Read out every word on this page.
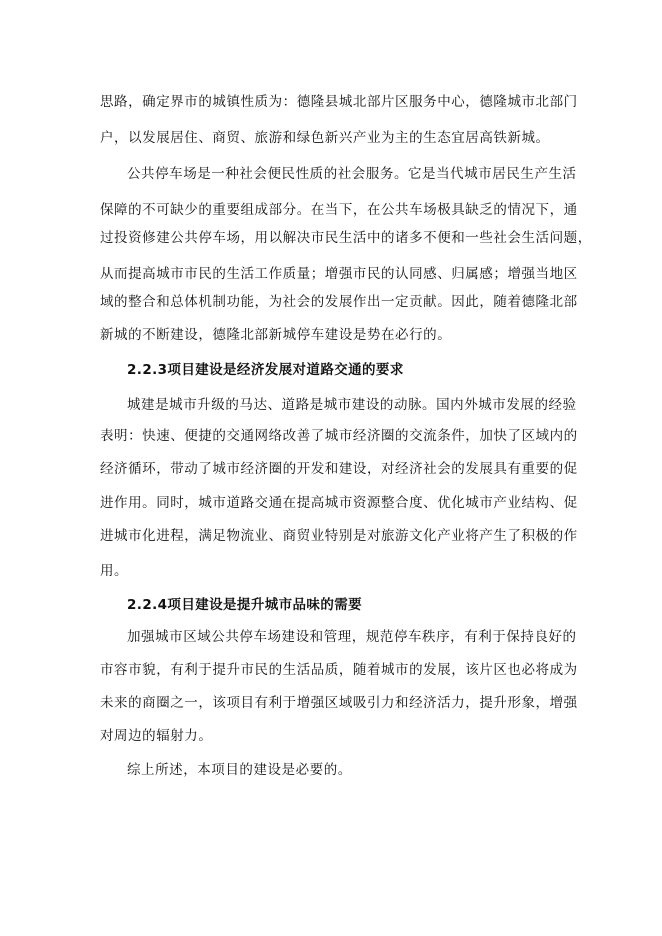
思路，确定界市的城镇性质为：德隆县城北部片区服务中心，德隆城市北部门
户，以发展居住、商贸、旅游和绿色新兴产业为主的生态宜居高铁新城。
公共停车场是一种社会便民性质的社会服务。它是当代城市居民生产生活
保障的不可缺少的重要组成部分。在当下，在公共车场极具缺乏的情况下，通
过投资修建公共停车场，用以解决市民生活中的诸多不便和一些社会生活问题，
从而提高城市市民的生活工作质量；增强市民的认同感、归属感；增强当地区
域的整合和总体机制功能，为社会的发展作出一定贡献。因此，随着德隆北部
新城的不断建设，德隆北部新城停车建设是势在必行的。
2.2.3项目建设是经济发展对道路交通的要求
城建是城市升级的马达、道路是城市建设的动脉。国内外城市发展的经验
表明：快速、便捷的交通网络改善了城市经济圈的交流条件，加快了区域内的
经济循环，带动了城市经济圈的开发和建设，对经济社会的发展具有重要的促
进作用。同时，城市道路交通在提高城市资源整合度、优化城市产业结构、促
进城市化进程，满足物流业、商贸业特别是对旅游文化产业将产生了积极的作
用。
2.2.4项目建设是提升城市品味的需要
加强城市区域公共停车场建设和管理，规范停车秩序，有利于保持良好的
市容市貌，有利于提升市民的生活品质，随着城市的发展，该片区也必将成为
未来的商圈之一，该项目有利于增强区域吸引力和经济活力，提升形象，增强
对周边的辐射力。
综上所述，本项目的建设是必要的。
